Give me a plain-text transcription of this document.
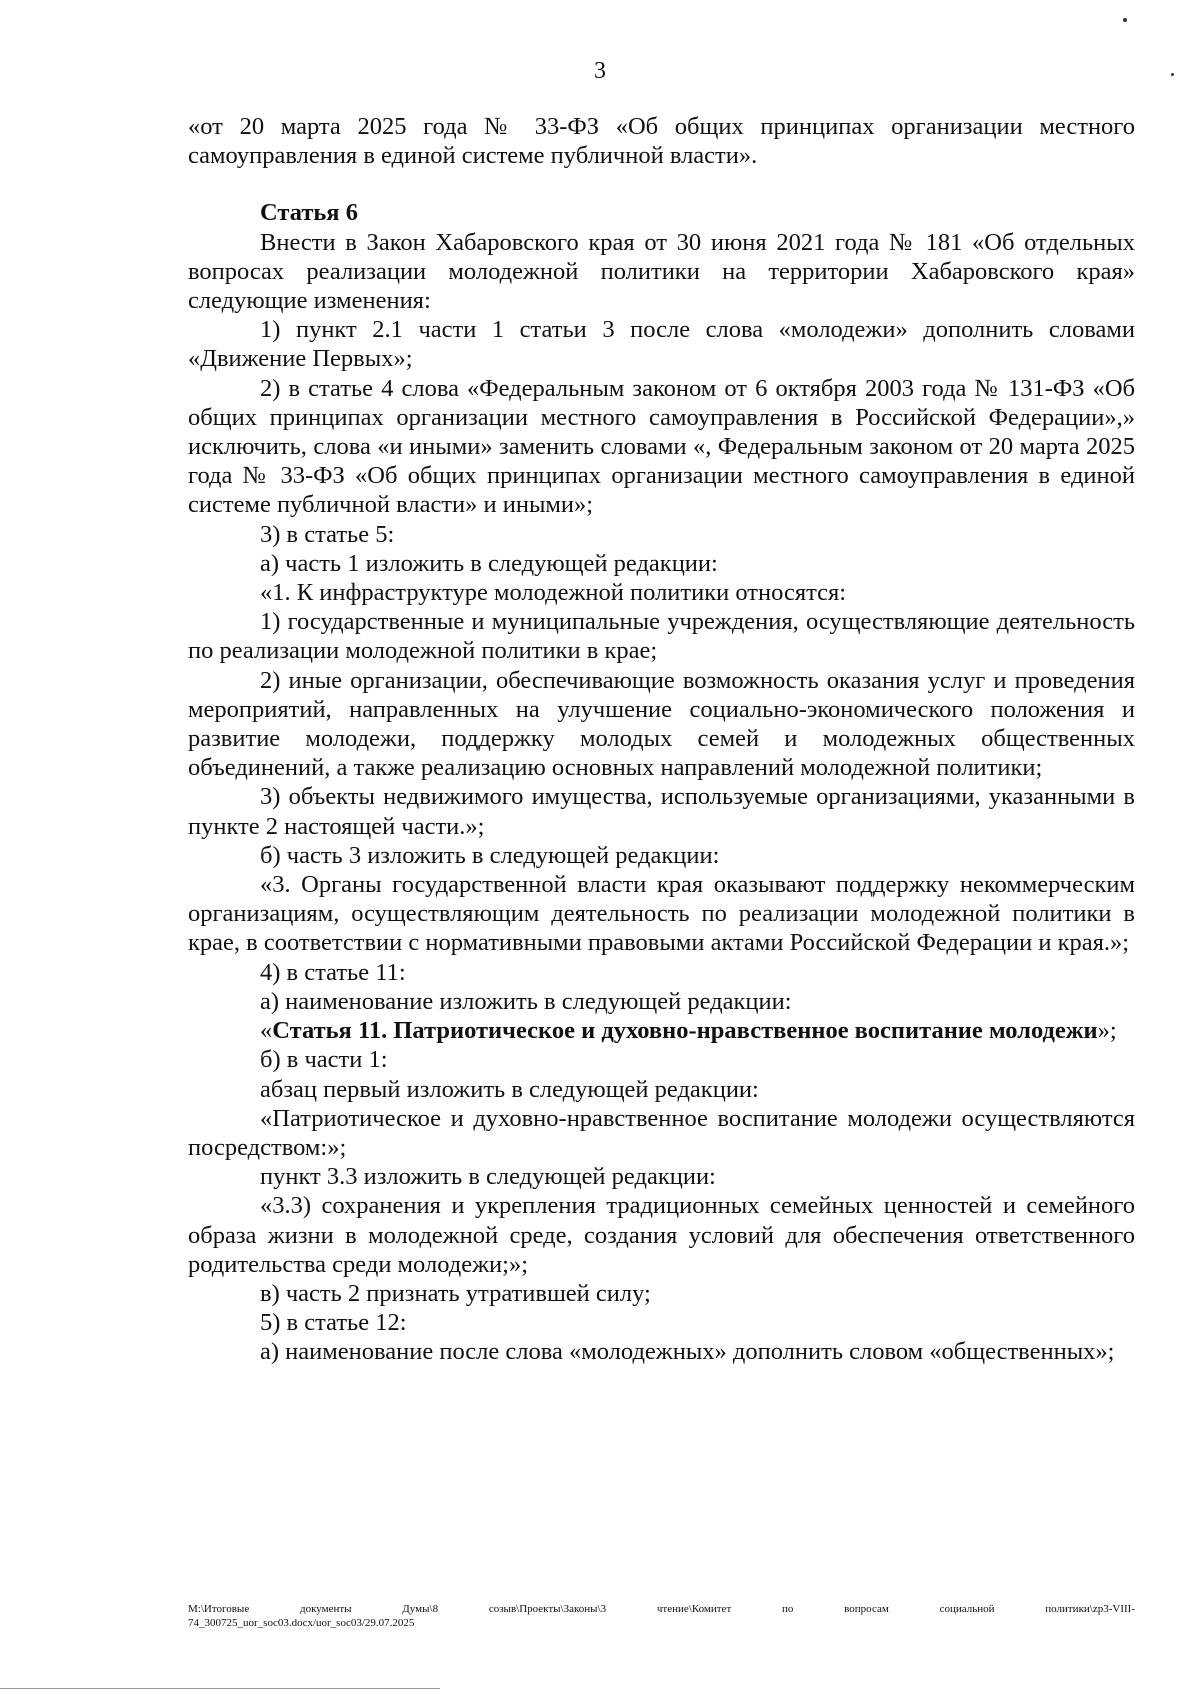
3

«от 20 марта 2025 года № 33-ФЗ «Об общих принципах организации местного

самоуправления в единой системе публичной власти».

Статья 6

Внести в Закон Хабаровского края от 30 июня 2021 года № 181 «Об отдельных вопросах реализации молодежной политики на территории Хабаровского края» следующие изменения:

1) пункт 2.1 части 1 статьи 3 после слова «молодежи» дополнить словами «Движение Первых»;

2) в статье 4 слова «Федеральным законом от 6 октября 2003 года № 131-ФЗ «Об общих принципах организации местного самоуправления в Российской Федерации»,» исключить, слова «и иными» заменить словами «, Федеральным законом от 20 марта 2025 года № 33-ФЗ «Об общих принципах организации местного самоуправления в единой системе публичной власти» и иными»;

3) в статье 5:

а) часть 1 изложить в следующей редакции:

«1. К инфраструктуре молодежной политики относятся:

1) государственные и муниципальные учреждения, осуществляющие деятельность по реализации молодежной политики в крае;

2) иные организации, обеспечивающие возможность оказания услуг и проведения мероприятий, направленных на улучшение социально-экономического положения и развитие молодежи, поддержку молодых семей и молодежных общественных объединений, а также реализацию основных направлений молодежной политики;

3) объекты недвижимого имущества, используемые организациями, указанными в пункте 2 настоящей части.»;

б) часть 3 изложить в следующей редакции:

«3. Органы государственной власти края оказывают поддержку некоммерческим организациям, осуществляющим деятельность по реализации молодежной политики в крае, в соответствии с нормативными правовыми актами Российской Федерации и края.»;

4) в статье 11:

а) наименование изложить в следующей редакции:

«Статья 11. Патриотическое и духовно-нравственное воспитание молодежи»;

б) в части 1:

абзац первый изложить в следующей редакции:

«Патриотическое и духовно-нравственное воспитание молодежи осуществляются посредством:»;

пункт 3.3 изложить в следующей редакции:

«3.3) сохранения и укрепления традиционных семейных ценностей и семейного образа жизни в молодежной среде, создания условий для обеспечения ответственного родительства среди молодежи;»;

в) часть 2 признать утратившей силу;

5) в статье 12:

а) наименование после слова «молодежных» дополнить словом «общественных»;

M:\Итоговые документы Думы\8 созыв\Проекты\Законы\3 чтение\Комитет по вопросам социальной политики\zp3-VIII-
74_300725_uor_soc03.docx/uor_soc03/29.07.2025
